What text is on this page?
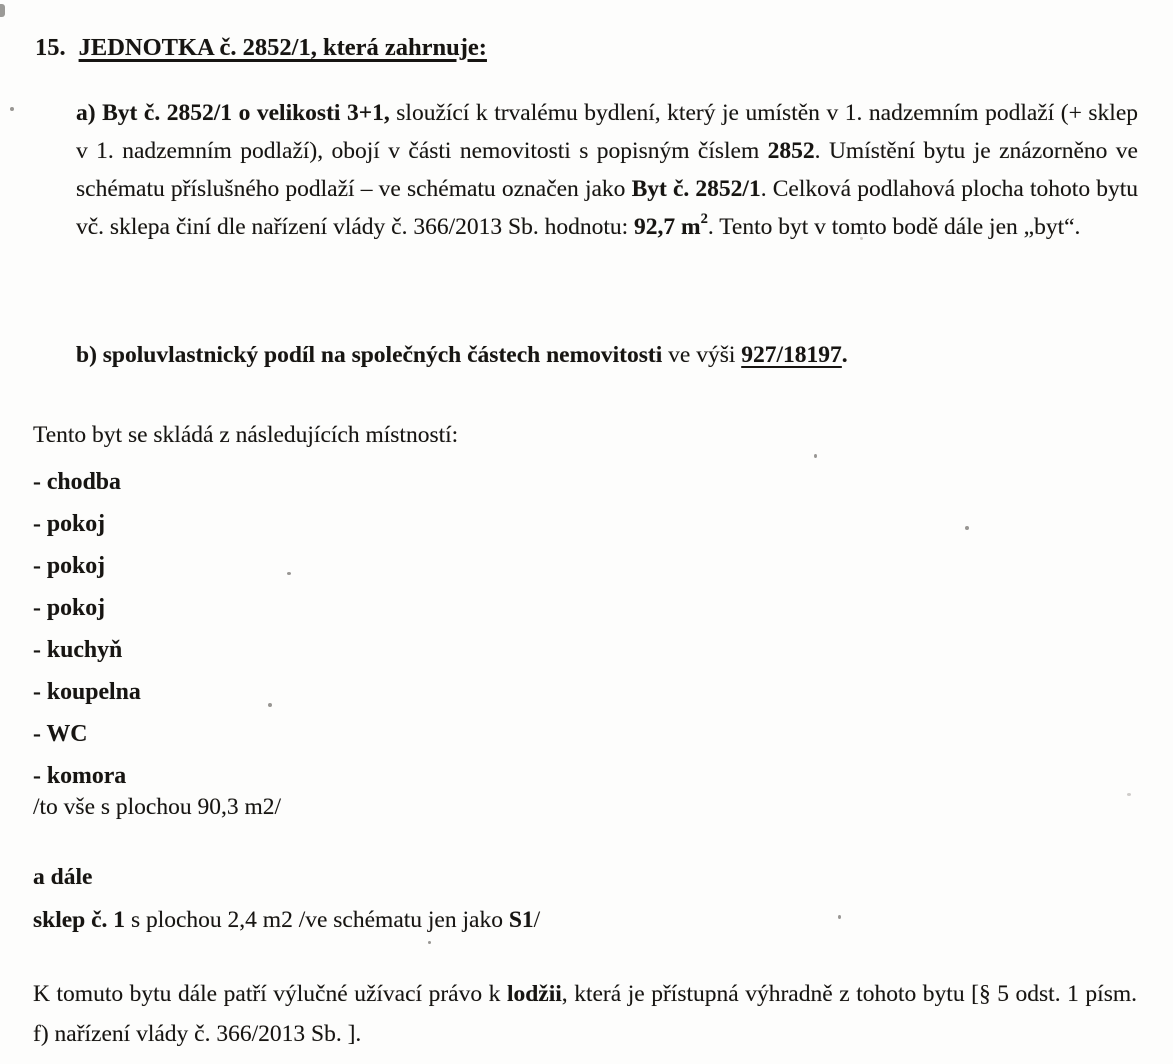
15. JEDNOTKA č. 2852/1, která zahrnuje:
a) Byt č. 2852/1 o velikosti 3+1, sloužící k trvalému bydlení, který je umístěn v 1. nadzemním podlaží (+ sklep v 1. nadzemním podlaží), obojí v části nemovitosti s popisným číslem 2852. Umístění bytu je znázorněno ve schématu příslušného podlaží – ve schématu označen jako Byt č. 2852/1. Celková podlahová plocha tohoto bytu vč. sklepa činí dle nařízení vlády č. 366/2013 Sb. hodnotu: 92,7 $m^2$. Tento byt v tomto bodě dále jen „byt“.
b) spoluvlastnický podíl na společných částech nemovitosti ve výši 927/18197.
Tento byt se skládá z následujících místností:
- chodba
- pokoj
- pokoj
- pokoj
- kuchyň
- koupelna
- WC
- komora
/to vše s plochou 90,3 m2/
a dále
sklep č. 1 s plochou 2,4 m2 /ve schématu jen jako S1/
K tomuto bytu dále patří výlučné užívací právo k lodžii, která je přístupná výhradně z tohoto bytu [§ 5 odst. 1 písm. f) nařízení vlády č. 366/2013 Sb. ].
